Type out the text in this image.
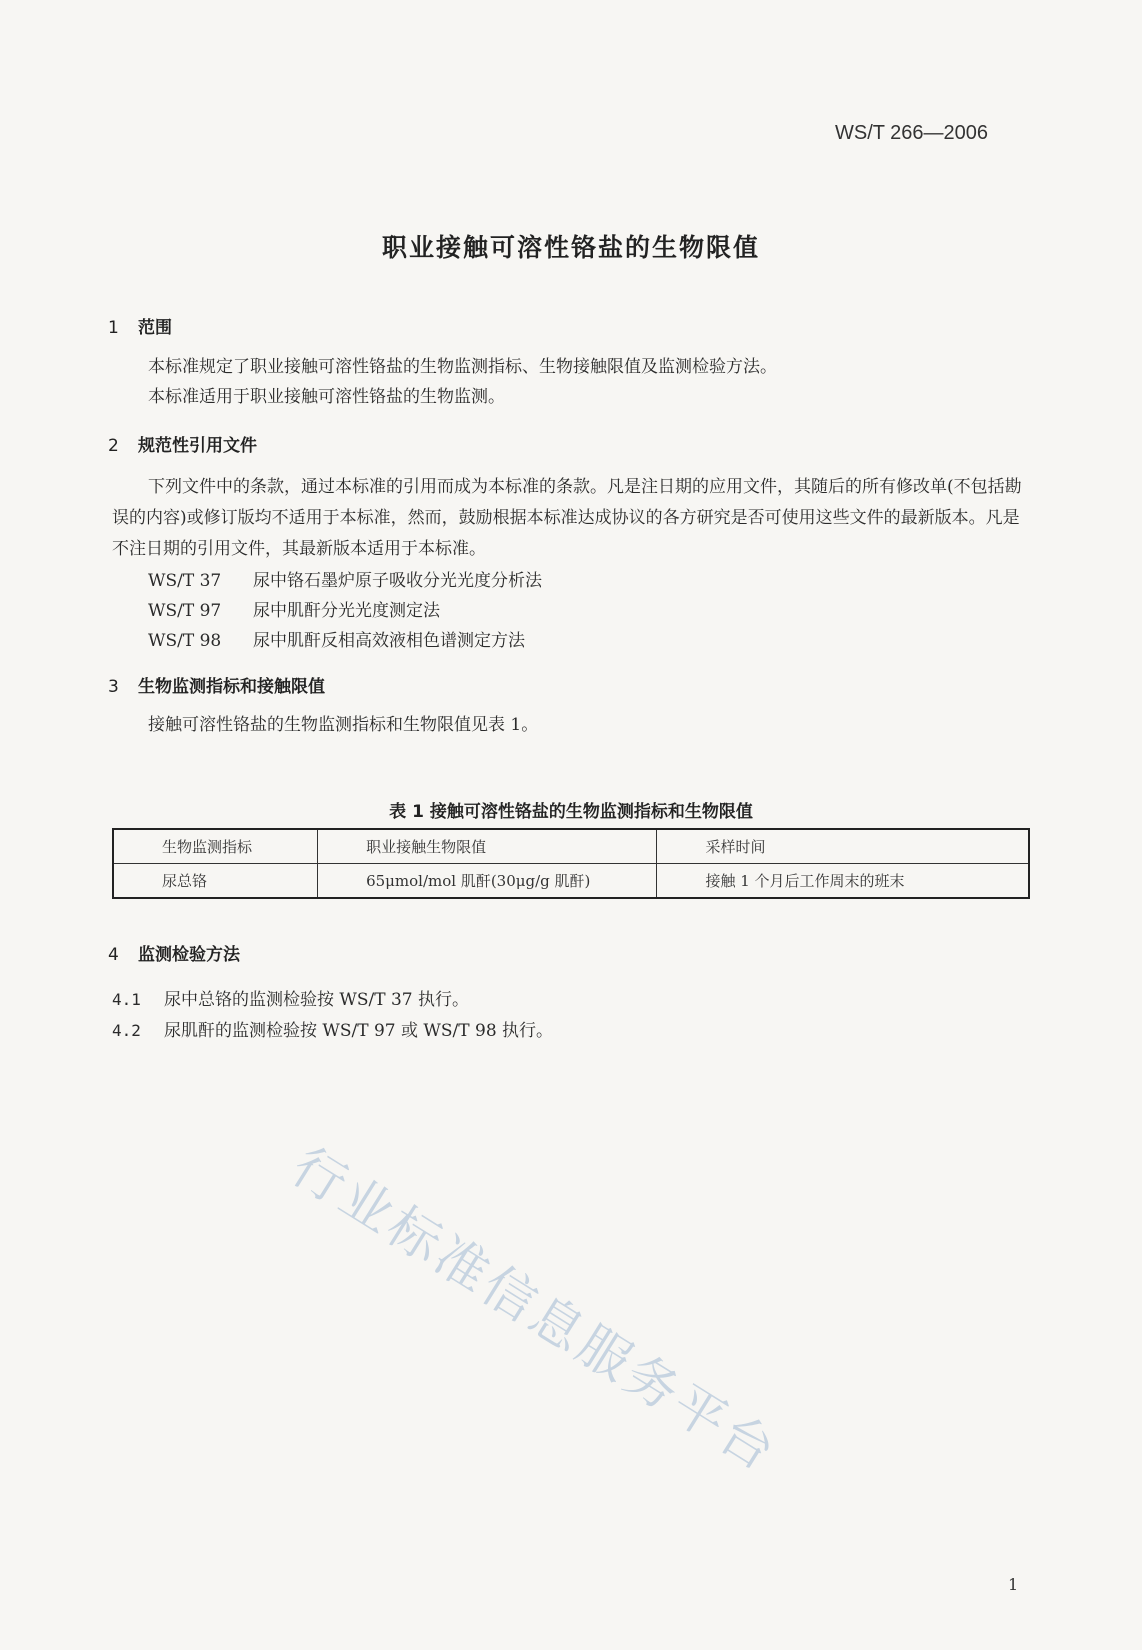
WS/T 266—2006
职业接触可溶性铬盐的生物限值
1 范围
本标准规定了职业接触可溶性铬盐的生物监测指标、生物接触限值及监测检验方法。
本标准适用于职业接触可溶性铬盐的生物监测。
2 规范性引用文件
下列文件中的条款，通过本标准的引用而成为本标准的条款。凡是注日期的应用文件，其随后的所有修改单(不包括勘误的内容)或修订版均不适用于本标准，然而，鼓励根据本标准达成协议的各方研究是否可使用这些文件的最新版本。凡是不注日期的引用文件，其最新版本适用于本标准。
WS/T 37 尿中铬石墨炉原子吸收分光光度分析法
WS/T 97 尿中肌酐分光光度测定法
WS/T 98 尿中肌酐反相高效液相色谱测定方法
3 生物监测指标和接触限值
接触可溶性铬盐的生物监测指标和生物限值见表 1。
表 1 接触可溶性铬盐的生物监测指标和生物限值
生物监测指标	职业接触生物限值	采样时间
尿总铬	65μmol/mol 肌酐(30μg/g 肌酐)	接触 1 个月后工作周末的班末
4 监测检验方法
4.1 尿中总铬的监测检验按 WS/T 37 执行。
4.2 尿肌酐的监测检验按 WS/T 97 或 WS/T 98 执行。
行业标准信息服务平台
1
